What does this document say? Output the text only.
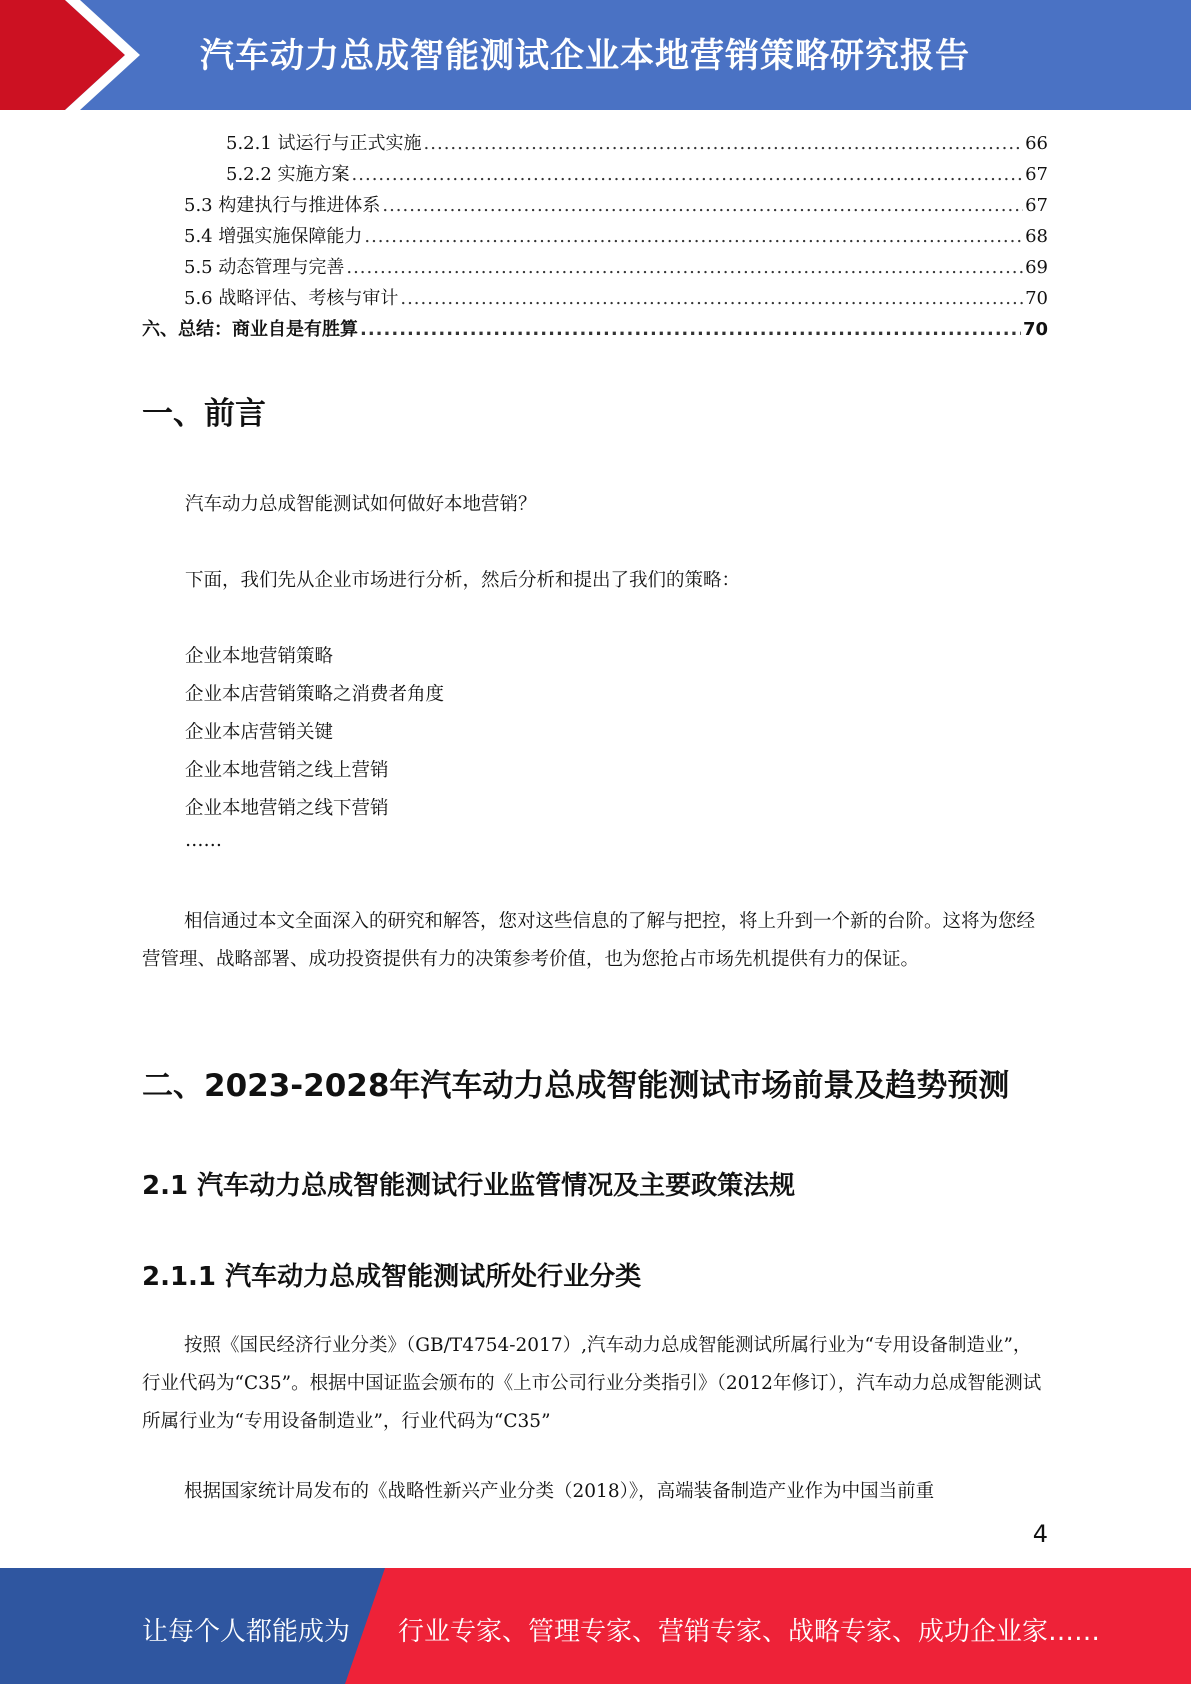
汽车动力总成智能测试企业本地营销策略研究报告
5.2.1 试运行与正式实施 .....	66
5.2.2 实施方案 .....	67
5.3 构建执行与推进体系 .....	67
5.4 增强实施保障能力 .....	68
5.5 动态管理与完善 .....	69
5.6 战略评估、考核与审计 .....	70
六、总结：商业自是有胜算 .....	70
一、前言
汽车动力总成智能测试如何做好本地营销？
下面，我们先从企业市场进行分析，然后分析和提出了我们的策略：
企业本地营销策略
企业本店营销策略之消费者角度
企业本店营销关键
企业本地营销之线上营销
企业本地营销之线下营销
……

相信通过本文全面深入的研究和解答，您对这些信息的了解与把控，将上升到一个新的台阶。这将为您经营管理、战略部署、成功投资提供有力的决策参考价值，也为您抢占市场先机提供有力的保证。

二、2023-2028年汽车动力总成智能测试市场前景及趋势预测
2.1 汽车动力总成智能测试行业监管情况及主要政策法规
2.1.1 汽车动力总成智能测试所处行业分类

按照《国民经济行业分类》（GB/T4754-2017）,汽车动力总成智能测试所属行业为“专用设备制造业”，行业代码为“C35”。根据中国证监会颁布的《上市公司行业分类指引》（2012年修订），汽车动力总成智能测试所属行业为“专用设备制造业”，行业代码为“C35”

根据国家统计局发布的《战略性新兴产业分类（2018）》，高端装备制造产业作为中国当前重

4
让每个人都能成为 行业专家、管理专家、营销专家、战略专家、成功企业家……
